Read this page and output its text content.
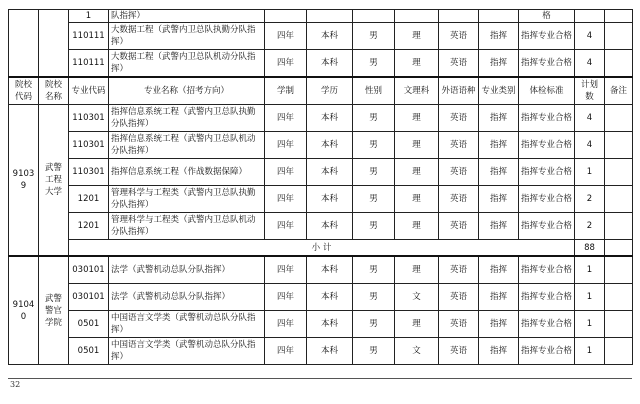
		1	队指挥）							格		
		110111	大数据工程（武警内卫总队执勤分队指挥）	四年	本科	男	理	英语	指挥	指挥专业合格	4	
		110111	大数据工程（武警内卫总队机动分队指挥）	四年	本科	男	理	英语	指挥	指挥专业合格	4	
院校代码	院校名称	专业代码	专业名称（招考方向）	学制	学历	性别	文理科	外语语种	专业类别	体检标准	计划数	备注
91039	武警工程大学	110301	指挥信息系统工程（武警内卫总队执勤分队指挥）	四年	本科	男	理	英语	指挥	指挥专业合格	4	
		110301	指挥信息系统工程（武警内卫总队机动分队指挥）	四年	本科	男	理	英语	指挥	指挥专业合格	4	
		110301	指挥信息系统工程（作战数据保障）	四年	本科	男	理	英语	指挥	指挥专业合格	1	
		1201	管理科学与工程类（武警内卫总队执勤分队指挥）	四年	本科	男	理	英语	指挥	指挥专业合格	2	
		1201	管理科学与工程类（武警内卫总队机动分队指挥）	四年	本科	男	理	英语	指挥	指挥专业合格	2	
		小 计									88	
91040	武警警官学院	030101	法学（武警机动总队分队指挥）	四年	本科	男	理	英语	指挥	指挥专业合格	1	
		030101	法学（武警机动总队分队指挥）	四年	本科	男	文	英语	指挥	指挥专业合格	1	
		0501	中国语言文学类（武警机动总队分队指挥）	四年	本科	男	理	英语	指挥	指挥专业合格	1	
		0501	中国语言文学类（武警机动总队分队指挥）	四年	本科	男	文	英语	指挥	指挥专业合格	1	
32
